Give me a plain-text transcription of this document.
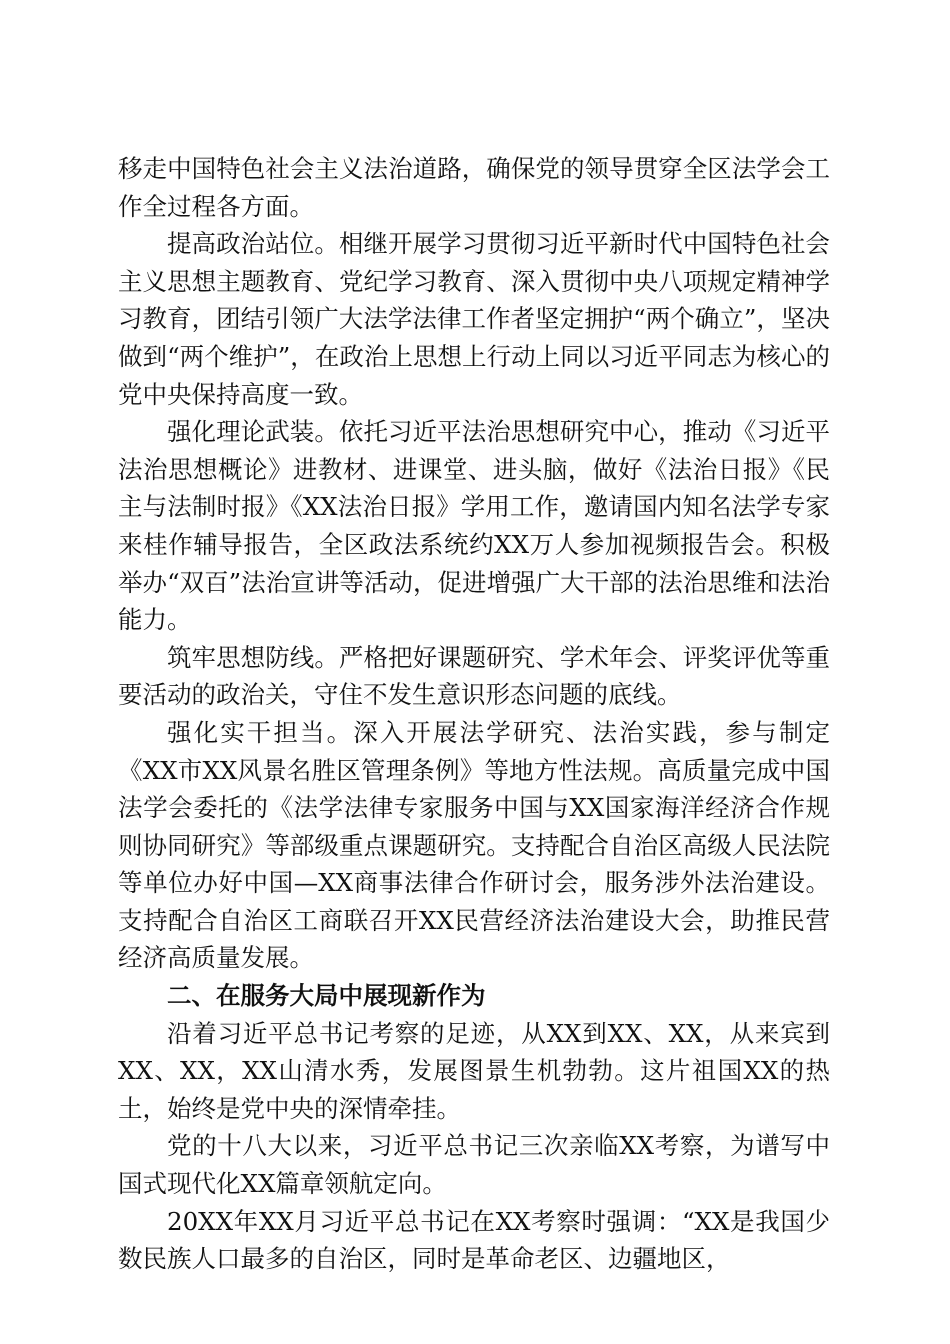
移走中国特色社会主义法治道路，确保党的领导贯穿全区法学会工作全过程各方面。

提高政治站位。相继开展学习贯彻习近平新时代中国特色社会主义思想主题教育、党纪学习教育、深入贯彻中央八项规定精神学习教育，团结引领广大法学法律工作者坚定拥护“两个确立”，坚决做到“两个维护”，在政治上思想上行动上同以习近平同志为核心的党中央保持高度一致。

强化理论武装。依托习近平法治思想研究中心，推动《习近平法治思想概论》进教材、进课堂、进头脑，做好《法治日报》《民主与法制时报》《XX法治日报》学用工作，邀请国内知名法学专家来桂作辅导报告，全区政法系统约XX万人参加视频报告会。积极举办“双百”法治宣讲等活动，促进增强广大干部的法治思维和法治能力。

筑牢思想防线。严格把好课题研究、学术年会、评奖评优等重要活动的政治关，守住不发生意识形态问题的底线。

强化实干担当。深入开展法学研究、法治实践，参与制定《XX市XX风景名胜区管理条例》等地方性法规。高质量完成中国法学会委托的《法学法律专家服务中国与XX国家海洋经济合作规则协同研究》等部级重点课题研究。支持配合自治区高级人民法院等单位办好中国—XX商事法律合作研讨会，服务涉外法治建设。支持配合自治区工商联召开XX民营经济法治建设大会，助推民营经济高质量发展。

二、在服务大局中展现新作为

沿着习近平总书记考察的足迹，从XX到XX、XX，从来宾到XX、XX，XX山清水秀，发展图景生机勃勃。这片祖国XX的热土，始终是党中央的深情牵挂。

党的十八大以来，习近平总书记三次亲临XX考察，为谱写中国式现代化XX篇章领航定向。

20XX年XX月习近平总书记在XX考察时强调：“XX是我国少数民族人口最多的自治区，同时是革命老区、边疆地区，
